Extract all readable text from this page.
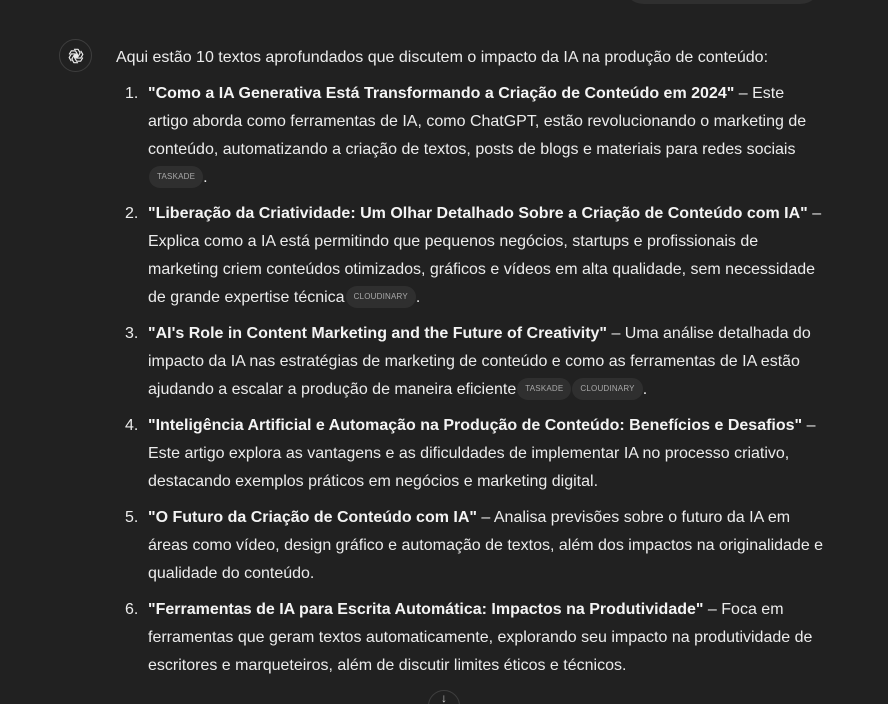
Aqui estão 10 textos aprofundados que discutem o impacto da IA na produção de conteúdo:

1. "Como a IA Generativa Está Transformando a Criação de Conteúdo em 2024" – Este artigo aborda como ferramentas de IA, como ChatGPT, estão revolucionando o marketing de conteúdo, automatizando a criação de textos, posts de blogs e materiais para redes sociais TASKADE .
2. "Liberação da Criatividade: Um Olhar Detalhado Sobre a Criação de Conteúdo com IA" – Explica como a IA está permitindo que pequenos negócios, startups e profissionais de marketing criem conteúdos otimizados, gráficos e vídeos em alta qualidade, sem necessidade de grande expertise técnica CLOUDINARY .
3. "AI's Role in Content Marketing and the Future of Creativity" – Uma análise detalhada do impacto da IA nas estratégias de marketing de conteúdo e como as ferramentas de IA estão ajudando a escalar a produção de maneira eficiente TASKADE CLOUDINARY .
4. "Inteligência Artificial e Automação na Produção de Conteúdo: Benefícios e Desafios" – Este artigo explora as vantagens e as dificuldades de implementar IA no processo criativo, destacando exemplos práticos em negócios e marketing digital.
5. "O Futuro da Criação de Conteúdo com IA" – Analisa previsões sobre o futuro da IA em áreas como vídeo, design gráfico e automação de textos, além dos impactos na originalidade e qualidade do conteúdo.
6. "Ferramentas de IA para Escrita Automática: Impactos na Produtividade" – Foca em ferramentas que geram textos automaticamente, explorando seu impacto na produtividade de escritores e marqueteiros, além de discutir limites éticos e técnicos.
↓
